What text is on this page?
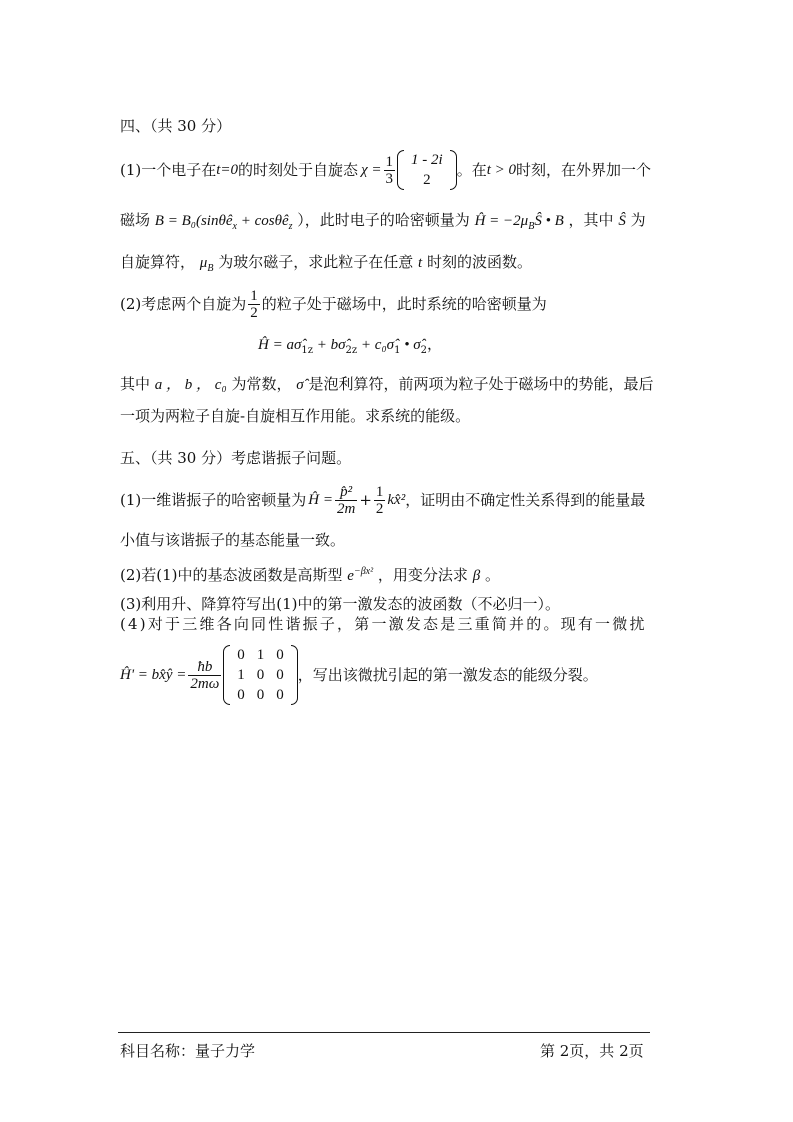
四、（共 30 分）
(1)一个电子在 t=0 的时刻处于自旋态 $\chi = \frac{1}{3} 1 - 2i$
2
。在 t > 0 时刻，在外界加一个
磁场 B = B₀(sinθê$_x$ + cosθê$_z$ ），此时电子的哈密顿量为 Ĥ = $-2\mu_BŜ$ • B ，其中 Ŝ 为
自旋算符， $\mu_B$ 为玻尔磁子，求此粒子在任意 t 时刻的波函数。
(2)考虑两个自旋为 $\frac{1}{2}$ 的粒子处于磁场中，此时系统的哈密顿量为
Ĥ = $a\sigmâ_{1z}$ + $b\sigmâ_{2z}$ + $c_0\sigmâ_1$ • $\sigmâ_2$，
其中 a ， b ， c₀ 为常数， σ̂ 是泡利算符，前两项为粒子处于磁场中的势能，最后
一项为两粒子自旋-自旋相互作用能。求系统的能级。
五、（共 30 分）考虑谐振子问题。
(1)一维谐振子的哈密顿量为 Ĥ = $\frac{\text{p̂²}}{2m} + \frac{1}{2}$ kx̂² ，证明由不确定性关系得到的能量最
小值与该谐振子的基态能量一致。
(2)若(1)中的基态波函数是高斯型 $e^{-\beta x^2}$ ，用变分法求 β 。
(3)利用升、降算符写出(1)中的第一激发态的波函数（不必归一）。
(4)对于三维各向同性谐振子，第一激发态是三重简并的。现有一微扰
Ĥ' = bx̂ŷ = $\frac{ħb}{2m\omega}$
0	1	0
1	0	0
0	0	0
，写出该微扰引起的第一激发态的能级分裂。
科目名称：量子力学	第 2页，共 2页
